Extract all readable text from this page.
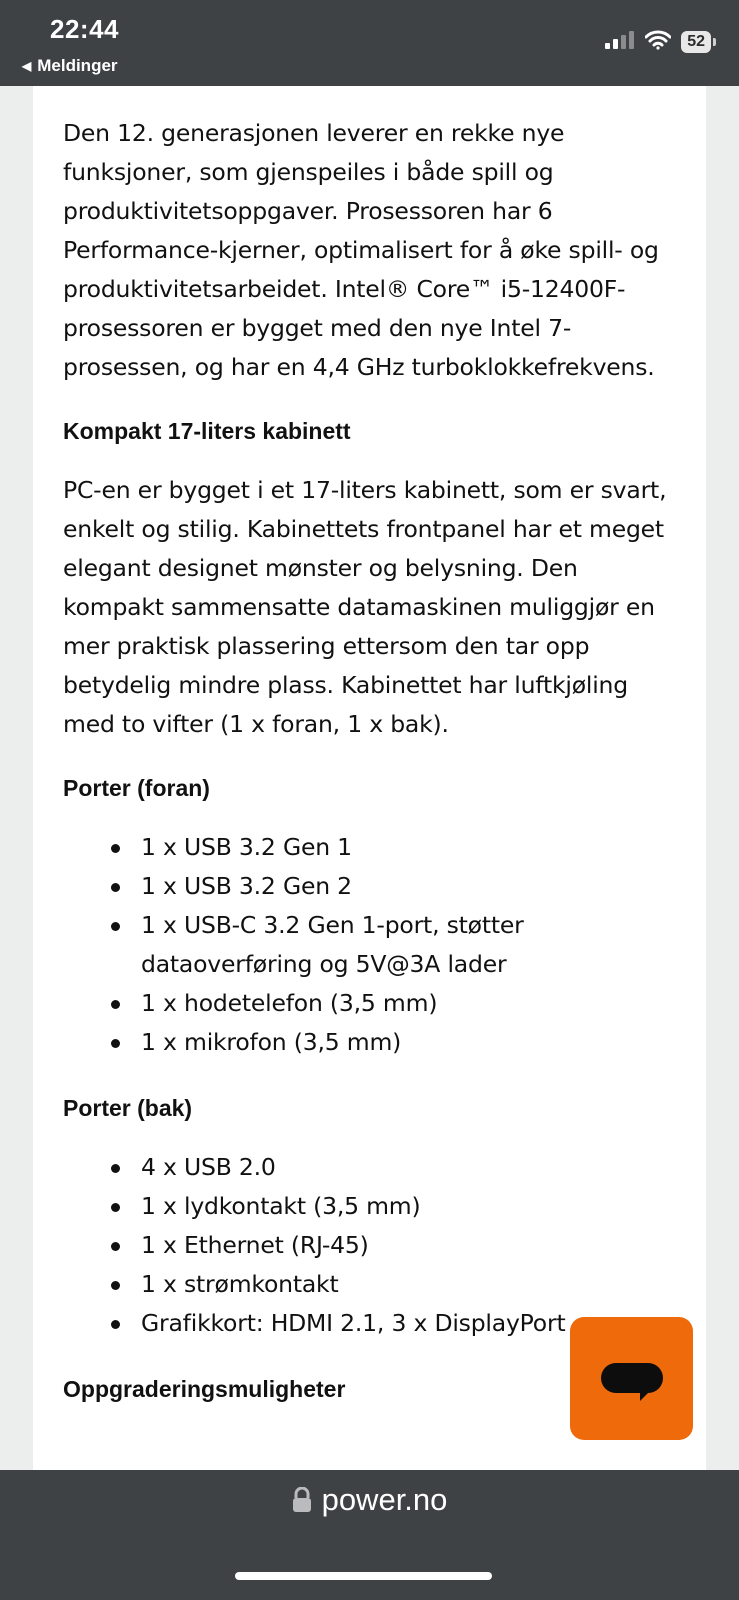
22:44
◀ Meldinger
52

Den 12. generasjonen leverer en rekke nye funksjoner, som gjenspeiles i både spill og produktivitetsoppgaver. Prosessoren har 6 Performance-kjerner, optimalisert for å øke spill- og produktivitetsarbeidet. Intel® Core™ i5-12400F-prosessoren er bygget med den nye Intel 7-prosessen, og har en 4,4 GHz turboklokkefrekvens.

Kompakt 17-liters kabinett

PC-en er bygget i et 17-liters kabinett, som er svart, enkelt og stilig. Kabinettets frontpanel har et meget elegant designet mønster og belysning. Den kompakt sammensatte datamaskinen muliggjør en mer praktisk plassering ettersom den tar opp betydelig mindre plass. Kabinettet har luftkjøling med to vifter (1 x foran, 1 x bak).

Porter (foran)
1 x USB 3.2 Gen 1
1 x USB 3.2 Gen 2
1 x USB-C 3.2 Gen 1-port, støtter dataoverføring og 5V@3A lader
1 x hodetelefon (3,5 mm)
1 x mikrofon (3,5 mm)
Porter (bak)
4 x USB 2.0
1 x lydkontakt (3,5 mm)
1 x Ethernet (RJ-45)
1 x strømkontakt
Grafikkort: HDMI 2.1, 3 x DisplayPort
Oppgraderingsmuligheter
power.no
